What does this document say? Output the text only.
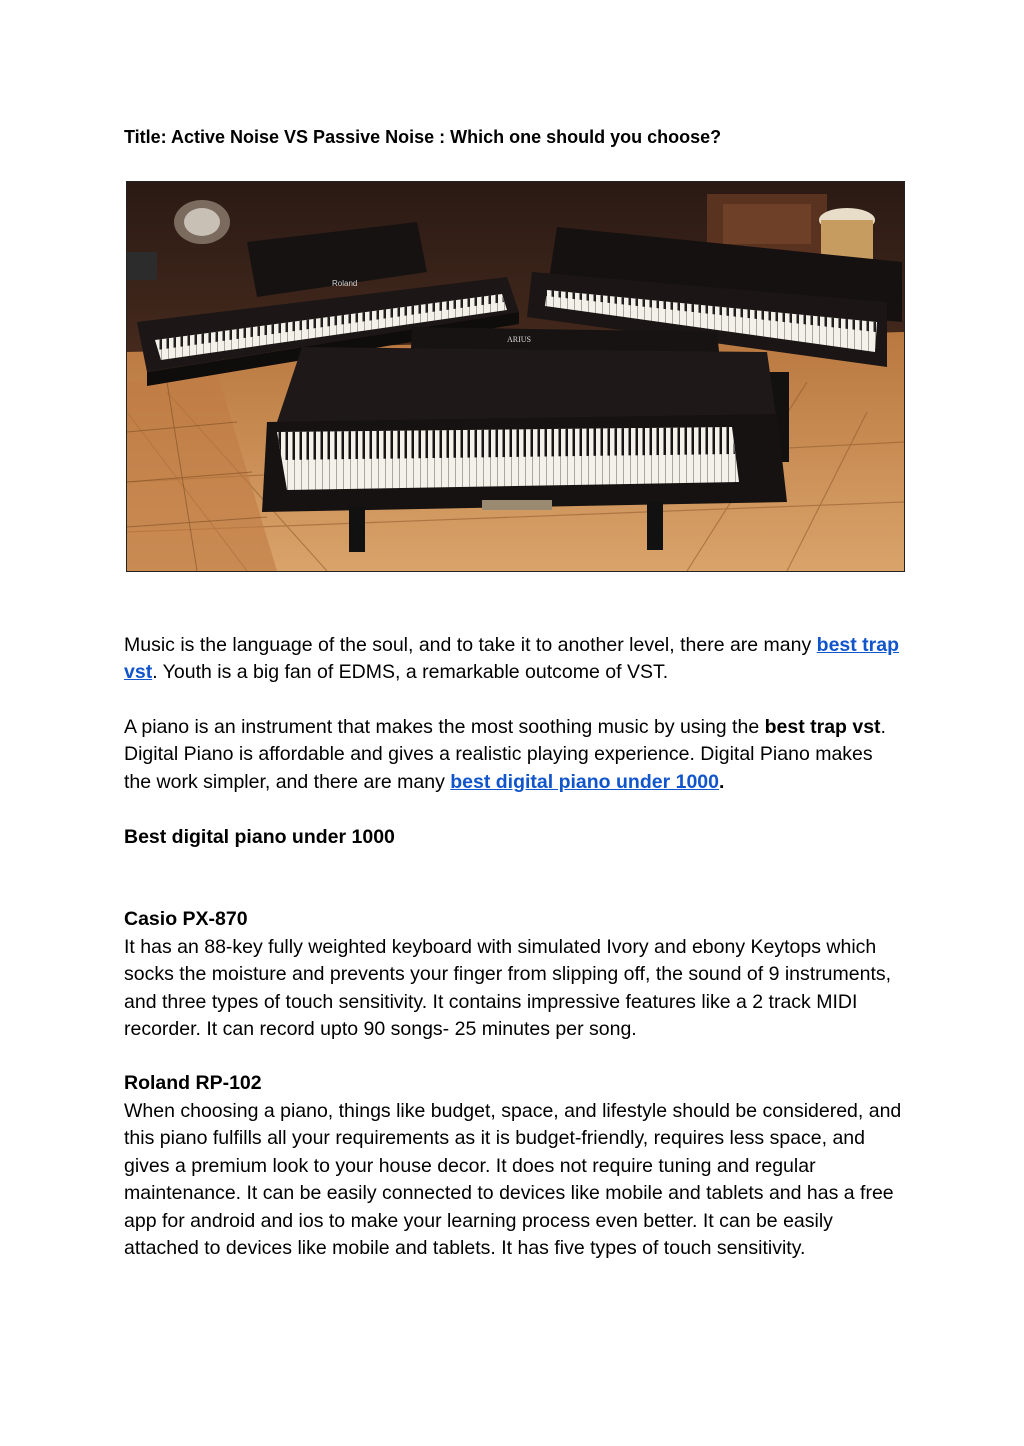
Title: Active Noise VS Passive Noise : Which one should you choose?
Roland
ARIUS

Music is the language of the soul, and to take it to another level, there are many best trap vst. Youth is a big fan of EDMS, a remarkable outcome of VST.

A piano is an instrument that makes the most soothing music by using the best trap vst. Digital Piano is affordable and gives a realistic playing experience. Digital Piano makes the work simpler, and there are many best digital piano under 1000.

Best digital piano under 1000

Casio PX-870

It has an 88-key fully weighted keyboard with simulated Ivory and ebony Keytops which socks the moisture and prevents your finger from slipping off, the sound of 9 instruments, and three types of touch sensitivity. It contains impressive features like a 2 track MIDI recorder. It can record upto 90 songs- 25 minutes per song.

Roland RP-102

When choosing a piano, things like budget, space, and lifestyle should be considered, and this piano fulfills all your requirements as it is budget-friendly, requires less space, and gives a premium look to your house decor. It does not require tuning and regular maintenance. It can be easily connected to devices like mobile and tablets and has a free app for android and ios to make your learning process even better. It can be easily attached to devices like mobile and tablets. It has five types of touch sensitivity.
